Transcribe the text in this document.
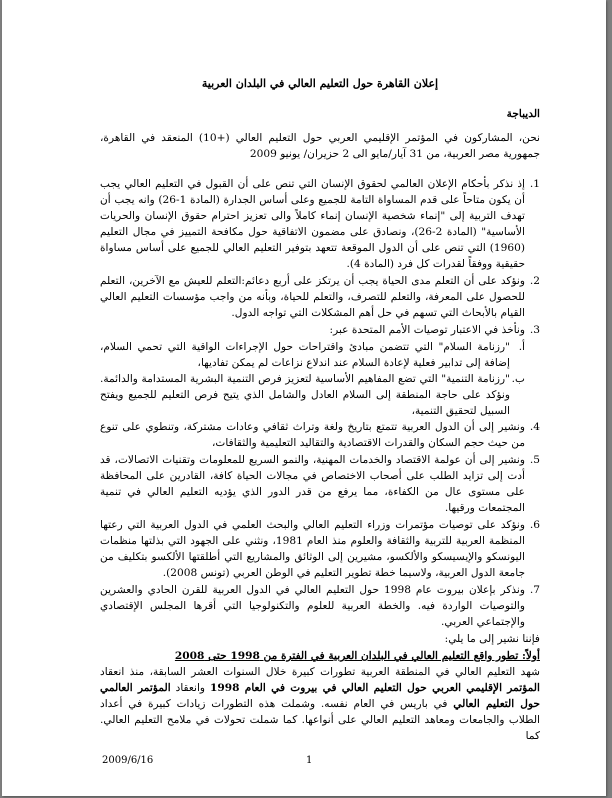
إعلان القاهرة حول التعليم العالي في البلدان العربية
الديباجة

نحن، المشاركون في المؤتمر الإقليمي العربي حول التعليم العالي (+10) المنعقد في القاهرة، جمهورية مصر العربية، من 31 آيار/مايو الى 2 حزيران/ يونيو 2009

1.
إذ نذكر بأحكام الإعلان العالمي لحقوق الإنسان التي تنص على أن القبول في التعليم العالي يجب أن يكون متاحاً على قدم المساواة التامة للجميع وعلى أساس الجدارة (المادة 1-26) وانه يجب أن تهدف التربية إلى "إنماء شخصية الإنسان إنماء كاملاً والى تعزيز احترام حقوق الإنسان والحريات الأساسية" (المادة 2-26)، ونصادق على مضمون الاتفاقية حول مكافحة التمييز في مجال التعليم (1960) التي تنص على أن الدول الموقعة تتعهد بتوفير التعليم العالي للجميع على أساس مساواة حقيقية ووفقاً لقدرات كل فرد (المادة 4).
2.
ونؤكد على أن التعلم مدى الحياة يجب أن يرتكز على أربع دعائم:التعلم للعيش مع الآخرين، التعلم للحصول على المعرفة، والتعلم للتصرف، والتعلم للحياة، وبأنه من واجب مؤسسات التعليم العالي القيام بالأبحاث التي تسهم في حل أهم المشكلات التي تواجه الدول.
3.
ونأخذ في الاعتبار توصيات الأمم المتحدة عبر:
أ.
"رزنامة السلام" التي تتضمن مبادئ واقتراحات حول الإجراءات الواقية التي تحمي السلام، إضافة إلى تدابير فعلية لإعادة السلام عند اندلاع نزاعات لم يمكن تفاديها،
ب.
"رزنامة التنمية" التي تضع المفاهيم الأساسية لتعزيز فرص التنمية البشرية المستدامة والدائمة. ونؤكد على حاجة المنطقة إلى السلام العادل والشامل الذي يتيح فرص التعليم للجميع ويفتح السبيل لتحقيق التنمية،
4.
ونشير إلى أن الدول العربية تتمتع بتاريخ ولغة وتراث ثقافي وعادات مشتركة، وتنطوي على تنوع من حيث حجم السكان والقدرات الاقتصادية والتقاليد التعليمية والثقافات،
5.
ونشير إلى أن عولمة الاقتصاد والخدمات المهنية، والنمو السريع للمعلومات وتقنيات الاتصالات، قد أدت إلى تزايد الطلب على أصحاب الاختصاص في مجالات الحياة كافة، القادرين على المحافظة على مستوى عال من الكفاءة، مما يرفع من قدر الدور الذي يؤديه التعليم العالي في تنمية المجتمعات ورقيها.
6.
ونؤكد على توصيات مؤتمرات وزراء التعليم العالي والبحث العلمي في الدول العربية التي رعتها المنظمة العربية للتربية والثقافة والعلوم منذ العام 1981، ونثني على الجهود التي بذلتها منظمات اليونسكو والإيسيسكو والألكسو، مشيرين إلى الوثائق والمشاريع التي أطلقتها الألكسو بتكليف من جامعة الدول العربية، ولاسيما خطة تطوير التعليم في الوطن العربي (تونس 2008).
7.
ونذكر بإعلان بيروت عام 1998 حول التعليم العالي في الدول العربية للقرن الحادي والعشرين والتوصيات الواردة فيه. والخطة العربية للعلوم والتكنولوجيا التي أقرها المجلس الإقتصادي والإجتماعي العربي.

فإننا نشير إلى ما يلي:

أولاً: تطور واقع التعليم العالي في البلدان العربية في الفترة من 1998 حتى 2008

شهد التعليم العالي في المنطقة العربية تطورات كبيرة خلال السنوات العشر السابقة، منذ انعقاد المؤتمر الإقليمي العربي حول التعليم العالي في بيروت في العام 1998 وانعقاد المؤتمر العالمي حول التعليم العالي في باريس في العام نفسه. وشملت هذه التطورات زيادات كبيرة في أعداد الطلاب والجامعات ومعاهد التعليم العالي على أنواعها. كما شملت تحولات في ملامح التعليم العالي. كما

2009/6/16	1
